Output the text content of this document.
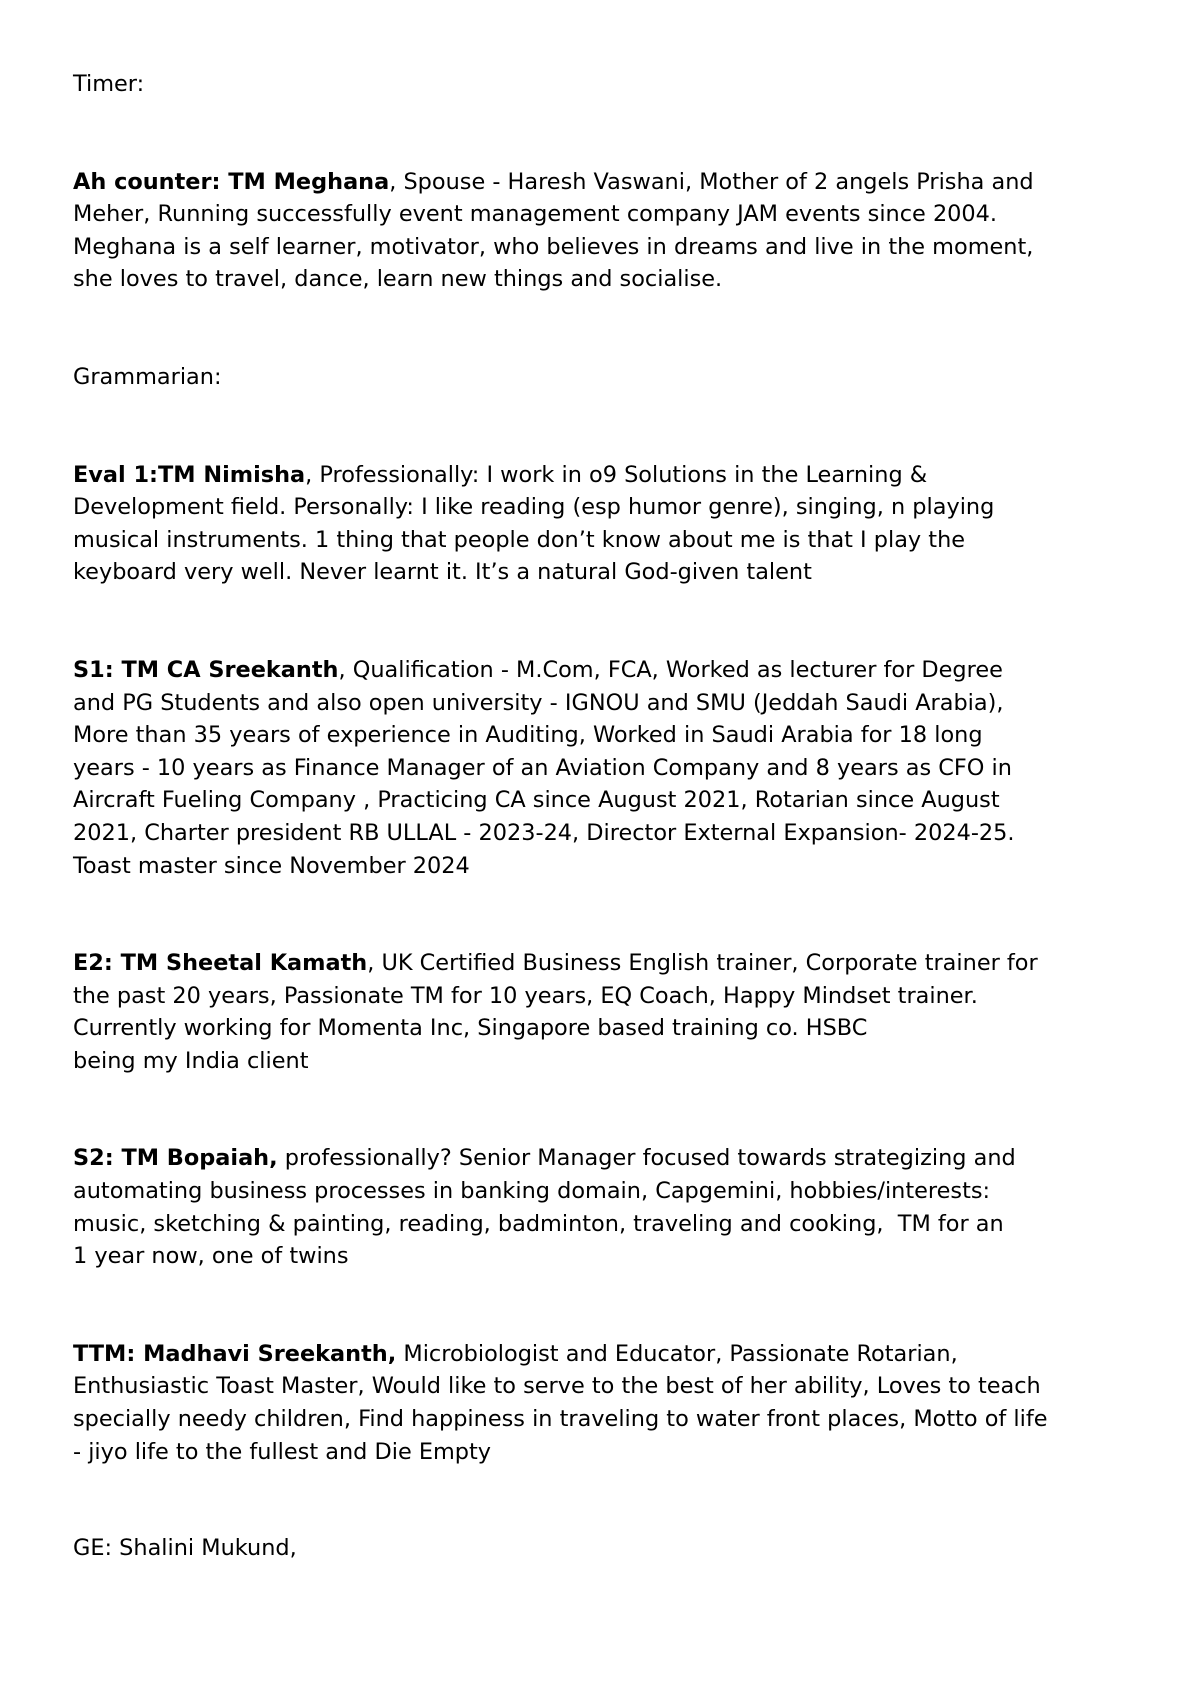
Timer:

Ah counter: TM Meghana, Spouse - Haresh Vaswani, Mother of 2 angels Prisha and
Meher, Running successfully event management company JAM events since 2004.
Meghana is a self learner, motivator, who believes in dreams and live in the moment,
she loves to travel, dance, learn new things and socialise.

Grammarian:

Eval 1:TM Nimisha, Professionally: I work in o9 Solutions in the Learning &
Development field. Personally: I like reading (esp humor genre), singing, n playing
musical instruments. 1 thing that people don’t know about me is that I play the
keyboard very well. Never learnt it. It’s a natural God-given talent

S1: TM CA Sreekanth, Qualification - M.Com, FCA, Worked as lecturer for Degree
and PG Students and also open university - IGNOU and SMU (Jeddah Saudi Arabia),
More than 35 years of experience in Auditing, Worked in Saudi Arabia for 18 long
years - 10 years as Finance Manager of an Aviation Company and 8 years as CFO in
Aircraft Fueling Company , Practicing CA since August 2021, Rotarian since August
2021, Charter president RB ULLAL - 2023-24, Director External Expansion- 2024-25.
Toast master since November 2024

E2: TM Sheetal Kamath, UK Certified Business English trainer, Corporate trainer for
the past 20 years, Passionate TM for 10 years, EQ Coach, Happy Mindset trainer.
Currently working for Momenta Inc, Singapore based training co. HSBC
being my India client

S2: TM Bopaiah, professionally? Senior Manager focused towards strategizing and
automating business processes in banking domain, Capgemini, hobbies/interests:
music, sketching & painting, reading, badminton, traveling and cooking,  TM for an
1 year now, one of twins

TTM: Madhavi Sreekanth, Microbiologist and Educator, Passionate Rotarian,
Enthusiastic Toast Master, Would like to serve to the best of her ability, Loves to teach
specially needy children, Find happiness in traveling to water front places, Motto of life
- jiyo life to the fullest and Die Empty

GE: Shalini Mukund,
